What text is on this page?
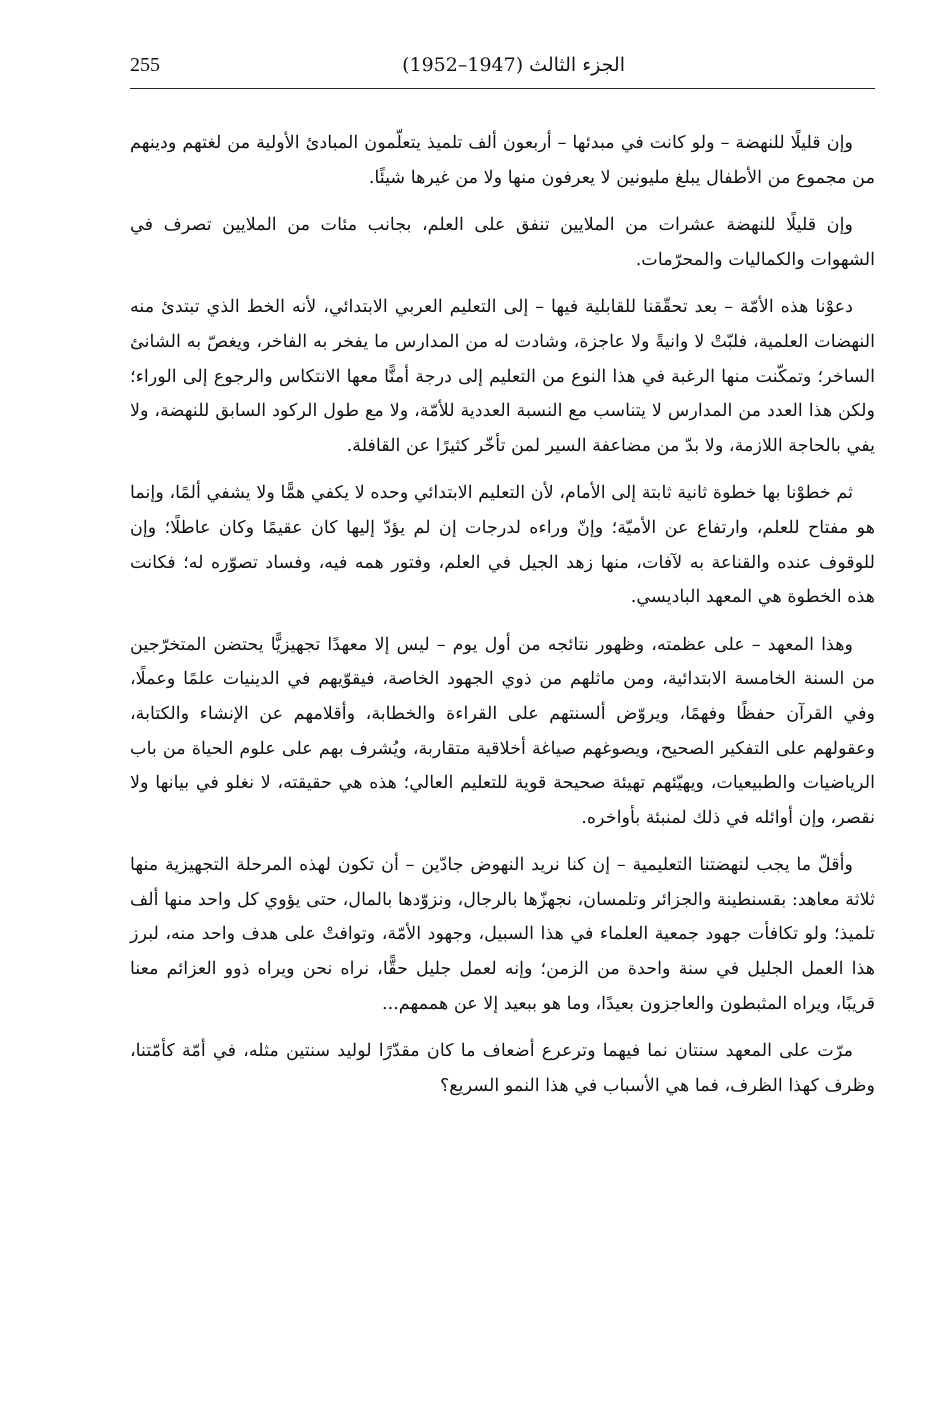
255	الجزء الثالث (1947–1952)

وإن قليلًا للنهضة – ولو كانت في مبدئها – أربعون ألف تلميذ يتعلّمون المبادئ الأولية من لغتهم ودينهم من مجموع من الأطفال يبلغ مليونين لا يعرفون منها ولا من غيرها شيئًا.

وإن قليلًا للنهضة عشرات من الملايين تنفق على العلم، بجانب مئات من الملايين تصرف في الشهوات والكماليات والمحرّمات.

دعوْنا هذه الأمّة – بعد تحقّقنا للقابلية فيها – إلى التعليم العربي الابتدائي، لأنه الخط الذي تبتدئ منه النهضات العلمية، فلبّتْ لا وانيةً ولا عاجزة، وشادت له من المدارس ما يفخر به الفاخر، ويغصّ به الشانئ الساخر؛ وتمكّنت منها الرغبة في هذا النوع من التعليم إلى درجة أمنًّا معها الانتكاس والرجوع إلى الوراء؛ ولكن هذا العدد من المدارس لا يتناسب مع النسبة العددية للأمّة، ولا مع طول الركود السابق للنهضة، ولا يفي بالحاجة اللازمة، ولا بدّ من مضاعفة السير لمن تأخّر كثيرًا عن القافلة.

ثم خطوْنا بها خطوة ثانية ثابتة إلى الأمام، لأن التعليم الابتدائي وحده لا يكفي همًّا ولا يشفي ألمًا، وإنما هو مفتاح للعلم، وارتفاع عن الأميّة؛ وإنّ وراءه لدرجات إن لم يؤدّ إليها كان عقيمًا وكان عاطلًا؛ وإن للوقوف عنده والقناعة به لآفات، منها زهد الجيل في العلم، وفتور همه فيه، وفساد تصوّره له؛ فكانت هذه الخطوة هي المعهد الباديسي.

وهذا المعهد – على عظمته، وظهور نتائجه من أول يوم – ليس إلا معهدًا تجهيزيًّا يحتضن المتخرّجين من السنة الخامسة الابتدائية، ومن ماثلهم من ذوي الجهود الخاصة، فيقوّيهم في الدينيات علمًا وعملًا، وفي القرآن حفظًا وفهمًا، ويروّض ألسنتهم على القراءة والخطابة، وأقلامهم عن الإنشاء والكتابة، وعقولهم على التفكير الصحيح، ويصوغهم صياغة أخلاقية متقاربة، ويُشرف بهم على علوم الحياة من باب الرياضيات والطبيعيات، ويهيّئهم تهيئة صحيحة قوية للتعليم العالي؛ هذه هي حقيقته، لا نغلو في بيانها ولا نقصر، وإن أوائله في ذلك لمنبئة بأواخره.

وأقلّ ما يجب لنهضتنا التعليمية – إن كنا نريد النهوض جادّين – أن تكون لهذه المرحلة التجهيزية منها ثلاثة معاهد: بقسنطينة والجزائر وتلمسان، نجهزّها بالرجال، ونزوّدها بالمال، حتى يؤوي كل واحد منها ألف تلميذ؛ ولو تكافأت جهود جمعية العلماء في هذا السبيل، وجهود الأمّة، وتوافتْ على هدف واحد منه، لبرز هذا العمل الجليل في سنة واحدة من الزمن؛ وإنه لعمل جليل حقًّا، نراه نحن ويراه ذوو العزائم معنا قريبًا، ويراه المثبطون والعاجزون بعيدًا، وما هو ببعيد إلا عن هممهم...

مرّت على المعهد سنتان نما فيهما وترعرع أضعاف ما كان مقدّرًا لوليد سنتين مثله، في أمّة كأمّتنا، وظرف كهذا الظرف، فما هي الأسباب في هذا النمو السريع؟
